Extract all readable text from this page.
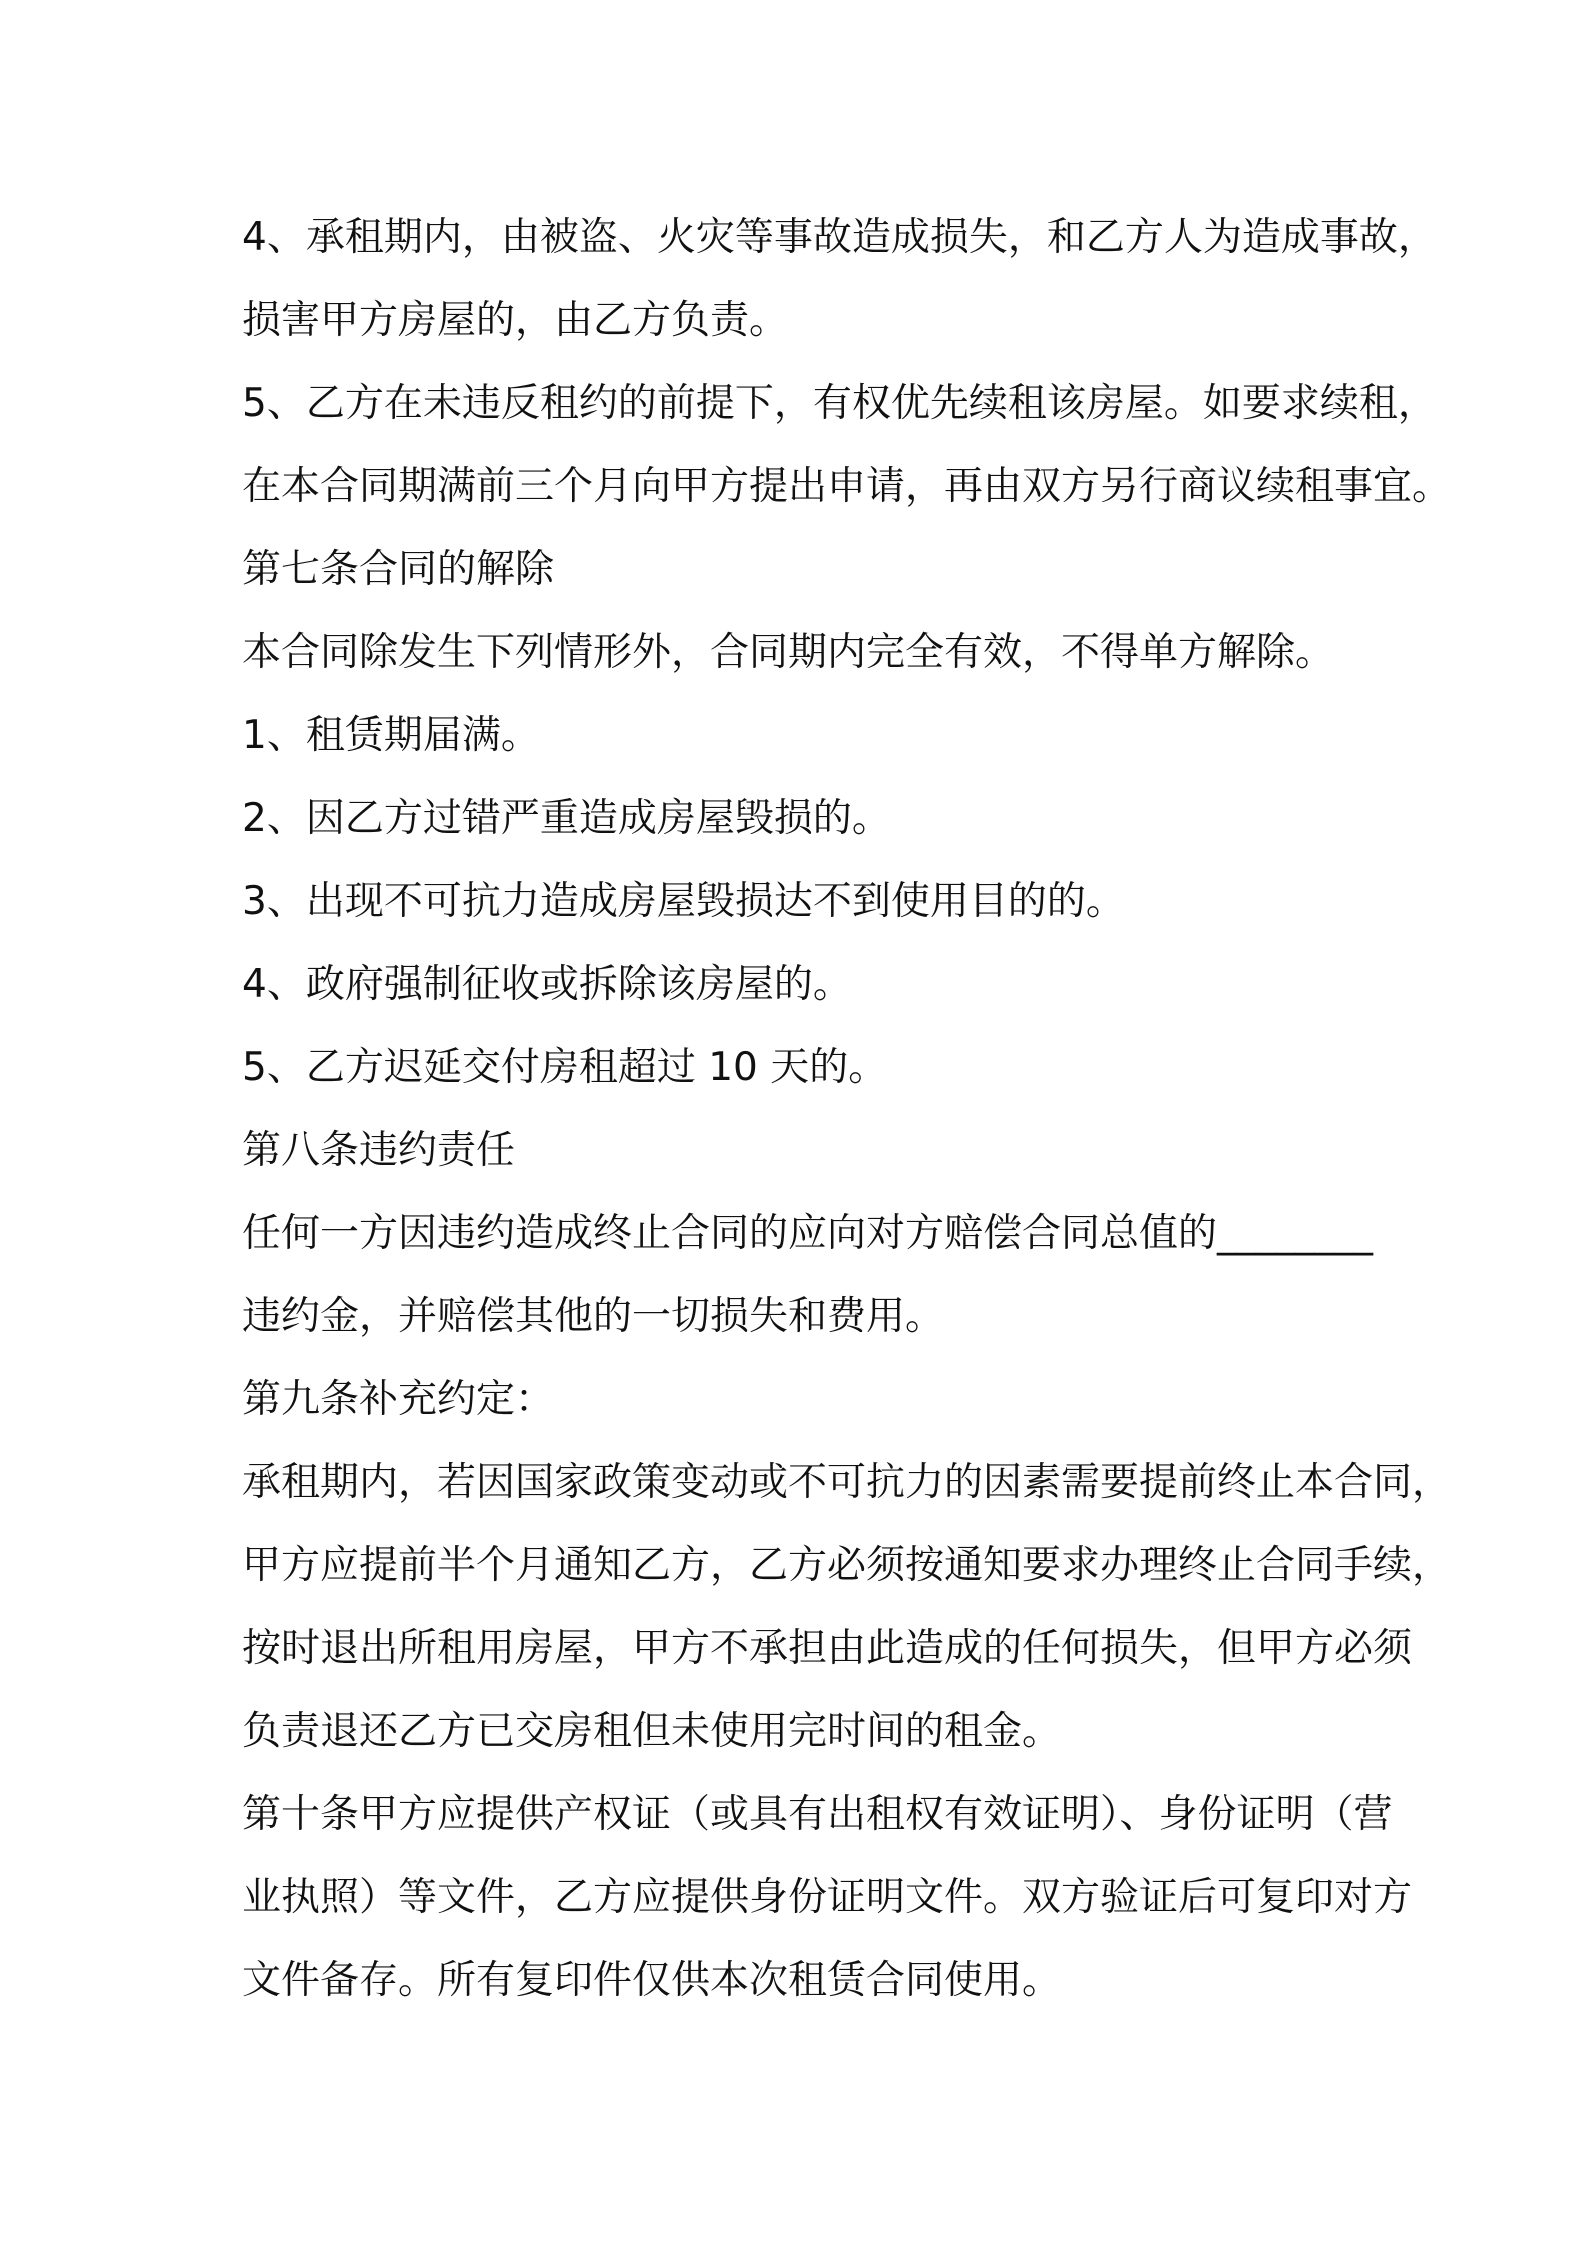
4、承租期内，由被盗、火灾等事故造成损失，和乙方人为造成事故，
损害甲方房屋的，由乙方负责。
5、乙方在未违反租约的前提下，有权优先续租该房屋。如要求续租，
在本合同期满前三个月向甲方提出申请，再由双方另行商议续租事宜。
第七条合同的解除
本合同除发生下列情形外，合同期内完全有效，不得单方解除。
1、租赁期届满。
2、因乙方过错严重造成房屋毁损的。
3、出现不可抗力造成房屋毁损达不到使用目的的。
4、政府强制征收或拆除该房屋的。
5、乙方迟延交付房租超过 10 天的。
第八条违约责任
任何一方因违约造成终止合同的应向对方赔偿合同总值的________
违约金，并赔偿其他的一切损失和费用。
第九条补充约定：
承租期内，若因国家政策变动或不可抗力的因素需要提前终止本合同，
甲方应提前半个月通知乙方，乙方必须按通知要求办理终止合同手续，
按时退出所租用房屋，甲方不承担由此造成的任何损失，但甲方必须
负责退还乙方已交房租但未使用完时间的租金。
第十条甲方应提供产权证（或具有出租权有效证明）、身份证明（营
业执照）等文件，乙方应提供身份证明文件。双方验证后可复印对方
文件备存。所有复印件仅供本次租赁合同使用。
